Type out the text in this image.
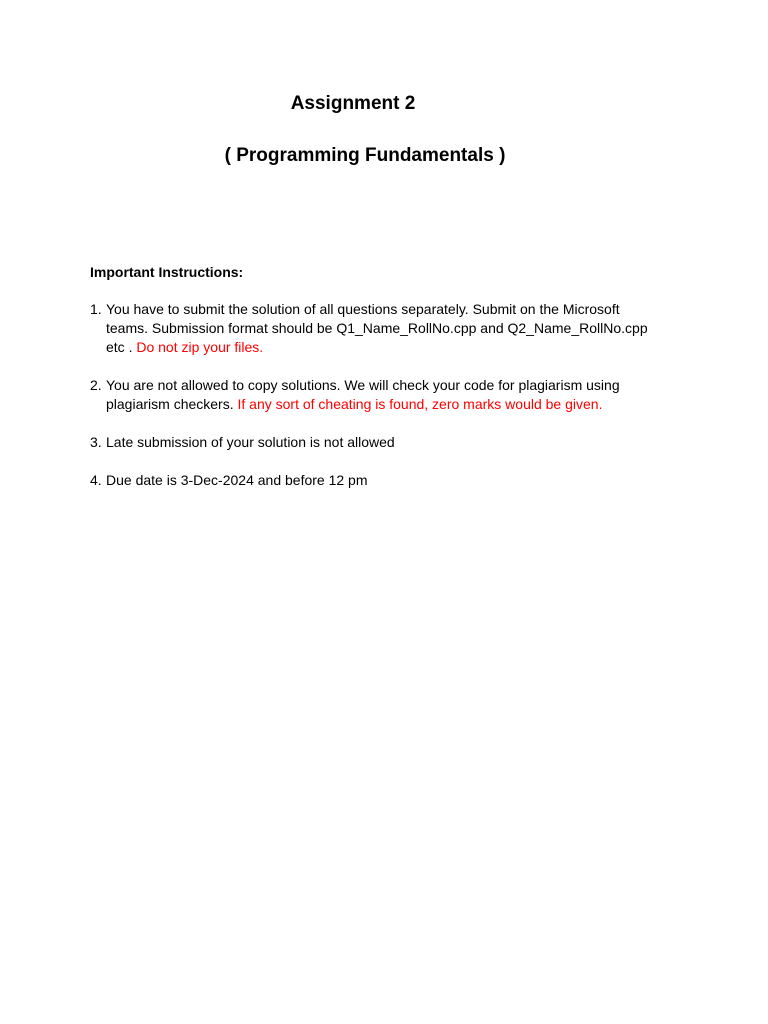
Assignment 2
( Programming Fundamentals )

Important Instructions:

1. You have to submit the solution of all questions separately. Submit on the Microsoft teams. Submission format should be Q1_Name_RollNo.cpp and Q2_Name_RollNo.cpp etc . Do not zip your files.
2. You are not allowed to copy solutions. We will check your code for plagiarism using plagiarism checkers. If any sort of cheating is found, zero marks would be given.
3. Late submission of your solution is not allowed
4. Due date is 3-Dec-2024 and before 12 pm
